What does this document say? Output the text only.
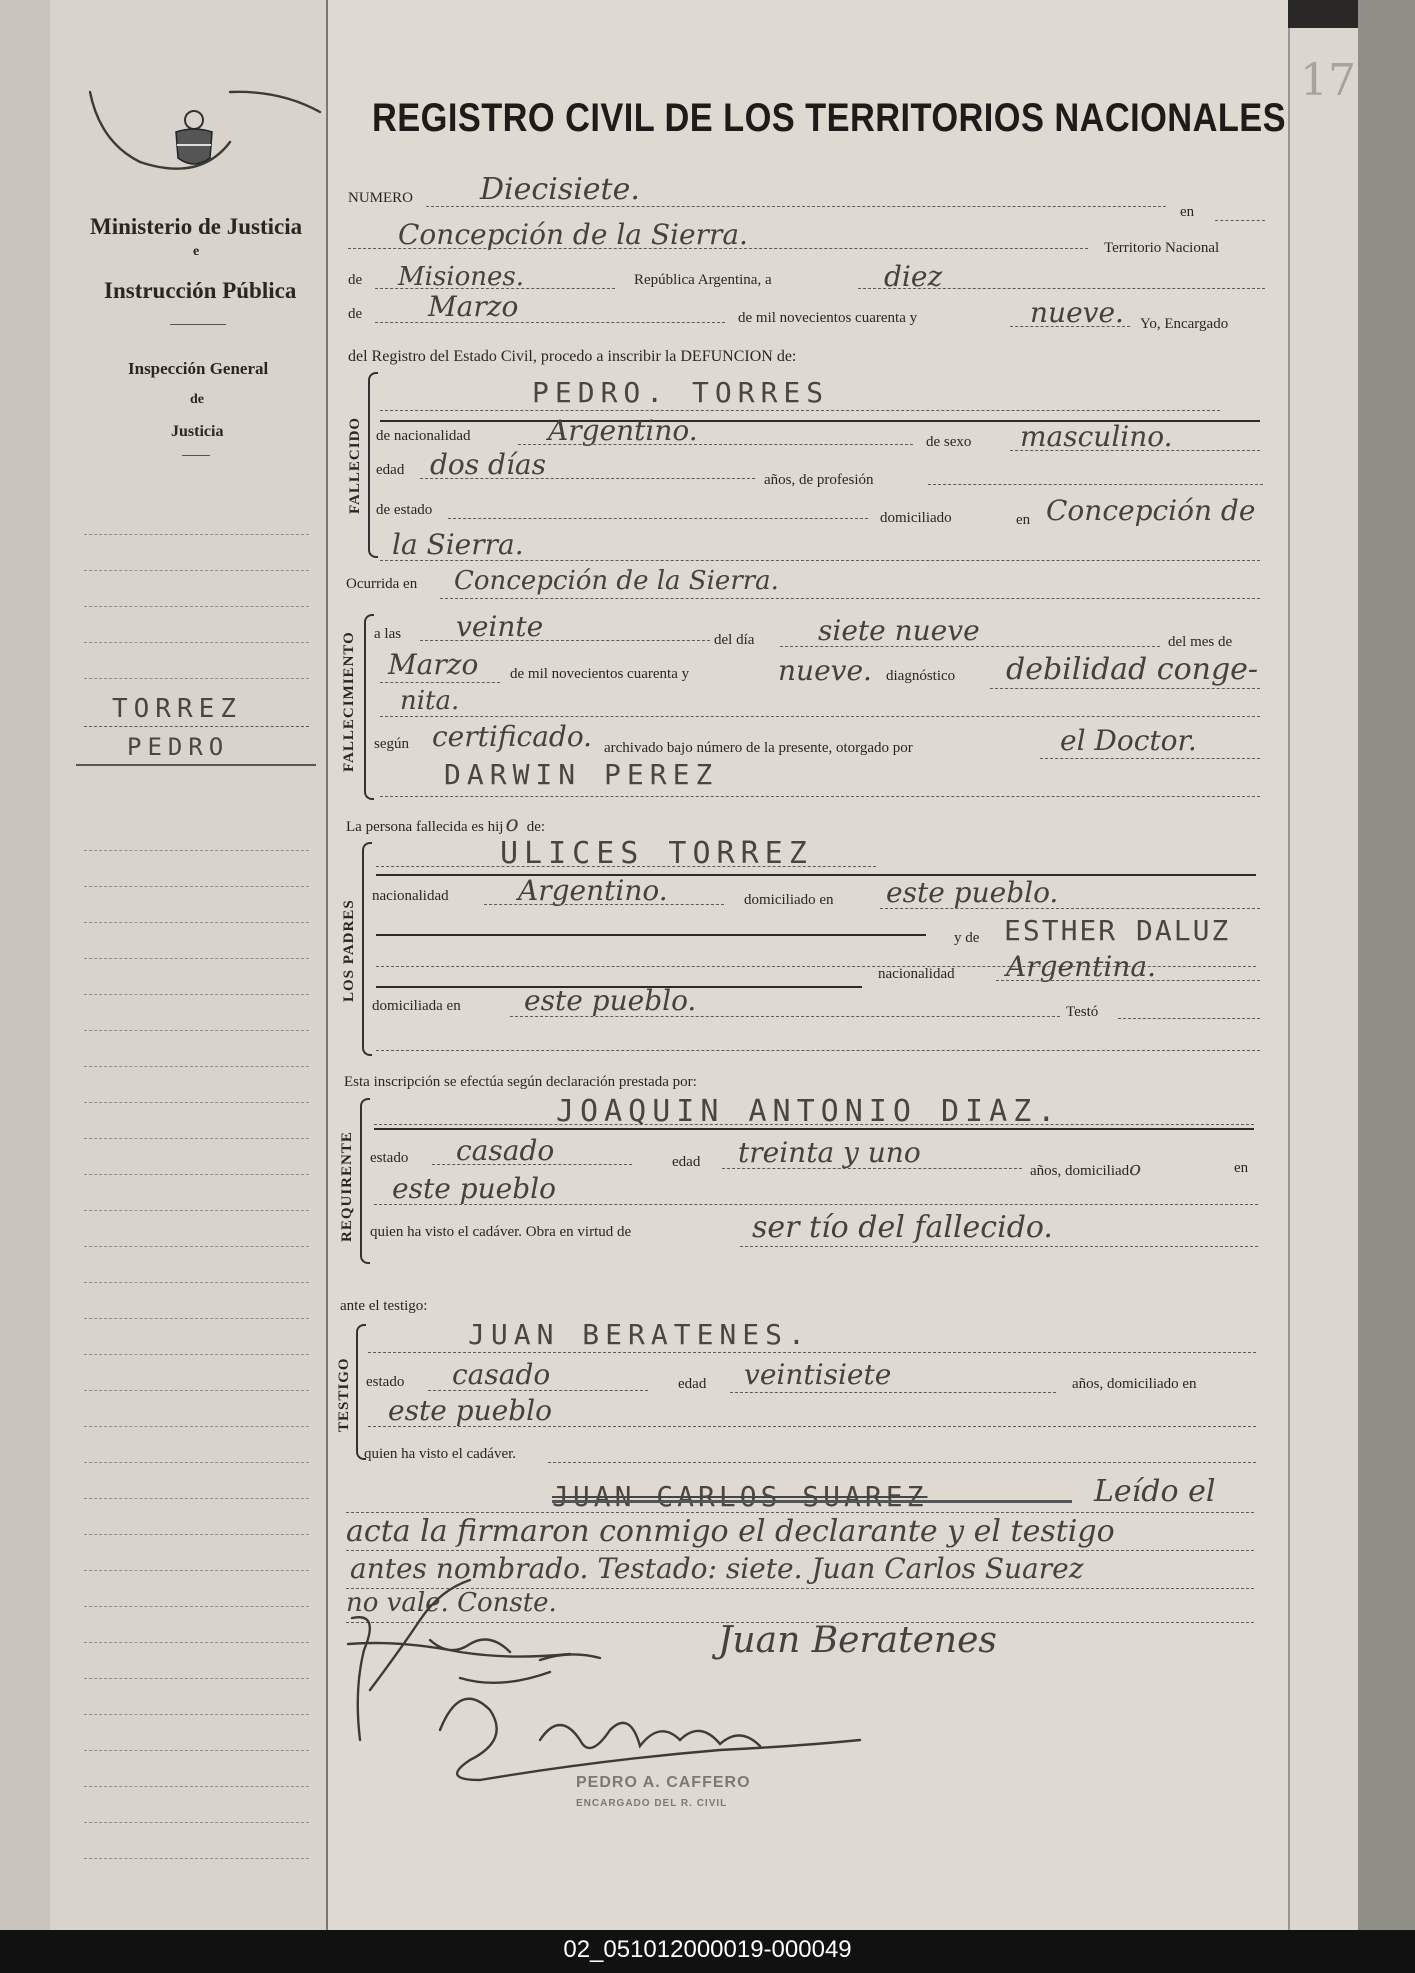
02_051012000019-000049
17
Ministerio de Justicia
e
Instrucción Pública
Inspección General
de
Justicia
TORREZ
PEDRO
REGISTRO CIVIL DE LOS TERRITORIOS NACIONALES
NUMERO Diecisiete.
en
Concepción de la Sierra.	Territorio Nacional
de Misiones.	República Argentina, a	diez
de Marzo	de mil novecientos cuarenta y	nueve. Yo, Encargado
del Registro del Estado Civil, procedo a inscribir la DEFUNCION de:
FALLECIDO
PEDRO. TORRES
de nacionalidad	Argentino.	de sexo masculino.
edad dos días	años, de profesión
de estado	domiciliado	en Concepción de
la Sierra.
Ocurrida en Concepción de la Sierra.
FALLECIMIENTO a las veinte	del día siete nueve	del mes de
Marzo de mil novecientos cuarenta y	nueve. diagnóstico debilidad conge-
nita.
según certificado. archivado bajo número de la presente, otorgado por	el Doctor.
DARWIN PEREZ
La persona fallecida es hijo de:
LOS PADRES
ULICES TORREZ
nacionalidad Argentino.	domiciliado en este pueblo.
y de ESTHER DALUZ
nacionalidad Argentina.
domiciliada en este pueblo.	Testó
Esta inscripción se efectúa según declaración prestada por:
REQUIRENTE
JOAQUIN ANTONIO DIAZ.
estado casado	edad treinta y uno
años, domiciliado	en
este pueblo
quien ha visto el cadáver. Obra en virtud de	ser tío del fallecido.
ante el testigo:
TESTIGO
JUAN BERATENES.
estado casado	edad veintisiete	años, domiciliado en
este pueblo
quien ha visto el cadáver.
JUAN CARLOS SUAREZ	Leído el
acta la firmaron conmigo el declarante y el testigo
antes nombrado. Testado: siete. Juan Carlos Suarez
no vale. Conste.
Juan Beratenes
PEDRO A. CAFFERO
ENCARGADO DEL R. CIVIL
